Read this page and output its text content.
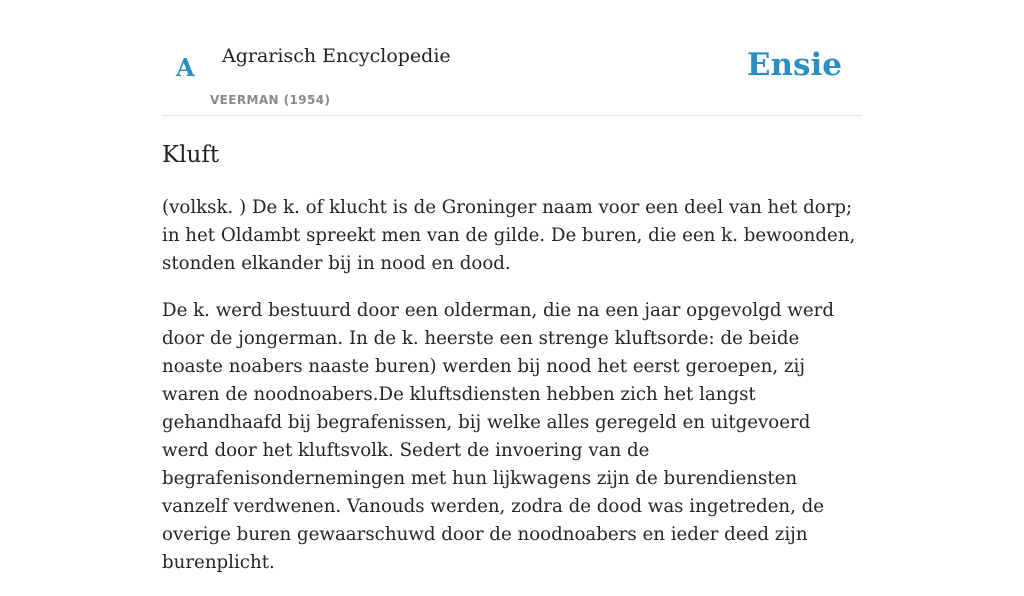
A Agrarisch Encyclopedie
VEERMAN (1954)
Ensie
Kluft

(volksk. ) De k. of klucht is de Groninger naam voor een deel van het dorp; in het Oldambt spreekt men van de gilde. De buren, die een k. bewoonden, stonden elkander bij in nood en dood.

De k. werd bestuurd door een olderman, die na een jaar opgevolgd werd door de jongerman. In de k. heerste een strenge kluftsorde: de beide noaste noabers naaste buren) werden bij nood het eerst geroepen, zij waren de noodnoabers.De kluftsdiensten hebben zich het langst gehandhaafd bij begrafenissen, bij welke alles geregeld en uitgevoerd werd door het kluftsvolk. Sedert de invoering van de begrafenisondernemingen met hun lijkwagens zijn de burendiensten vanzelf verdwenen. Vanouds werden, zodra de dood was ingetreden, de overige buren gewaarschuwd door de noodnoabers en ieder deed zijn burenplicht.
